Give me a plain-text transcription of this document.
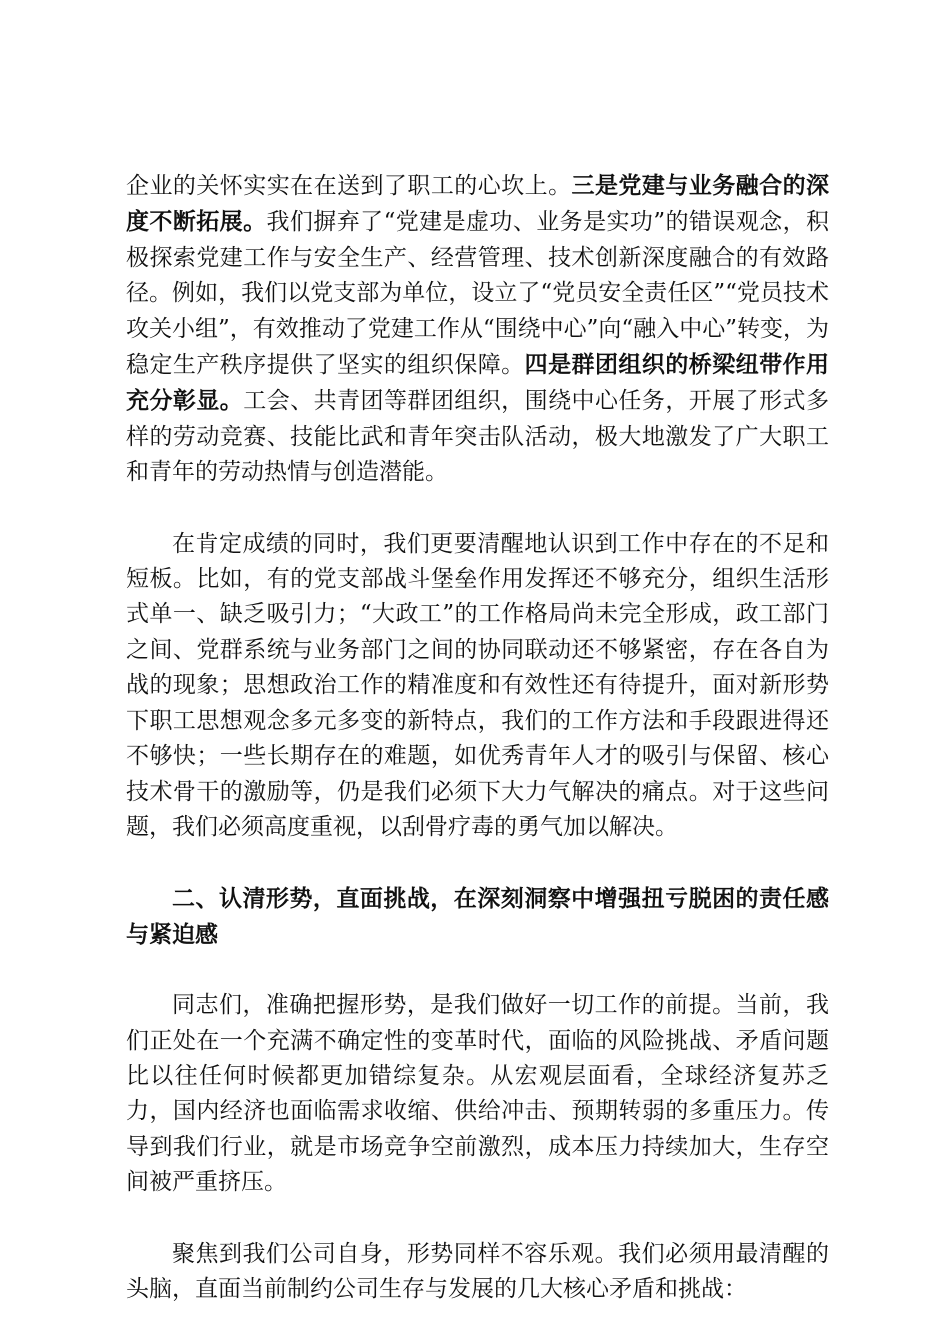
企业的关怀实实在在送到了职工的心坎上。三是党建与业务融合的深度不断拓展。我们摒弃了“党建是虚功、业务是实功”的错误观念，积极探索党建工作与安全生产、经营管理、技术创新深度融合的有效路径。例如，我们以党支部为单位，设立了“党员安全责任区”“党员技术攻关小组”，有效推动了党建工作从“围绕中心”向“融入中心”转变，为稳定生产秩序提供了坚实的组织保障。四是群团组织的桥梁纽带作用充分彰显。工会、共青团等群团组织，围绕中心任务，开展了形式多样的劳动竞赛、技能比武和青年突击队活动，极大地激发了广大职工和青年的劳动热情与创造潜能。

在肯定成绩的同时，我们更要清醒地认识到工作中存在的不足和短板。比如，有的党支部战斗堡垒作用发挥还不够充分，组织生活形式单一、缺乏吸引力；“大政工”的工作格局尚未完全形成，政工部门之间、党群系统与业务部门之间的协同联动还不够紧密，存在各自为战的现象；思想政治工作的精准度和有效性还有待提升，面对新形势下职工思想观念多元多变的新特点，我们的工作方法和手段跟进得还不够快；一些长期存在的难题，如优秀青年人才的吸引与保留、核心技术骨干的激励等，仍是我们必须下大力气解决的痛点。对于这些问题，我们必须高度重视，以刮骨疗毒的勇气加以解决。

二、认清形势，直面挑战，在深刻洞察中增强扭亏脱困的责任感与紧迫感

同志们，准确把握形势，是我们做好一切工作的前提。当前，我们正处在一个充满不确定性的变革时代，面临的风险挑战、矛盾问题比以往任何时候都更加错综复杂。从宏观层面看，全球经济复苏乏力，国内经济也面临需求收缩、供给冲击、预期转弱的多重压力。传导到我们行业，就是市场竞争空前激烈，成本压力持续加大，生存空间被严重挤压。

聚焦到我们公司自身，形势同样不容乐观。我们必须用最清醒的头脑，直面当前制约公司生存与发展的几大核心矛盾和挑战：
